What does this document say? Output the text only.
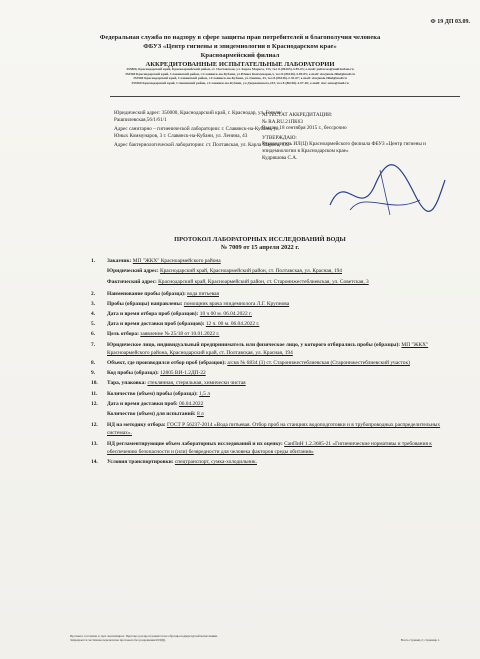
Ф 19 ДП 03.09.
Федеральная служба по надзору в сфере защиты прав потребителей и благополучия человека
ФБУЗ «Центр гигиены и эпидемиологии в Краснодарском крае»
Красноармейский филиал
АККРЕДИТОВАННЫЕ ИСПЫТАТЕЛЬНЫЕ ЛАБОРАТОРИИ
353800, Краснодарский край, Красноармейский район, ст. Полтавская, ул. Карла Маркса, 133, тел 8-(86165)-4-89-03; e-mail: poltavses@mail.kuban.ru
353560 Краснодарский край, Славянский район, г.Славянск-на-Кубани, ул.Юных Коммунаров,3, тел 8-(86146)-4-09-85; e-mail: slavjansk-filial@mail.ru
353560 Краснодарский край, Славянский район, г.Славянск-на-Кубани, ул.Ленина, 43, тел 8-(86146)-2-35-67; e-mail: slavjansk-filial@mail.ru
353560 Краснодарский край, Славянский район, г.Славянск-на-Кубани, ул.Дзержинского,243, тел 8-(86146)-4-07-46; e-mail: slav-smes@mail.ru

Юридический адрес: 350000, Краснодарский край, г. Краснодар, ул. Гоголя/Рашпилевская,56/1/61/1

Адрес санитарно – гигиенической лаборатории: г. Славянск-на-Кубани, ул. Юных Коммунаров, 3 г. Славянск-на-Кубани, ул. Ленина, 43

Адрес бактериологической лаборатории: ст. Полтавская, ул. Карла Маркса, 133

АТТЕСТАТ АККРЕДИТАЦИИ:

№ RA.RU.21ПК63

Выдан: 18 сентября 2015 г., бессрочно

УТВЕРЖДАЮ:

Руководитель ИЛ(Ц) Красноармейского филиала ФБУЗ «Центр гигиены и эпидемиологии в Краснодарском крае»

Кудряшова С.А.

ПРОТОКОЛ ЛАБОРАТОРНЫХ ИССЛЕДОВАНИЙ ВОДЫ
№ 7009 от 15 апреля 2022 г.
1. Заказчик: МП "ЖКХ" Красноармейского района
Юридический адрес: Краснодарский край, Красноармейский район, ст. Полтавская, ул. Красная, 194
Фактический адрес: Краснодарский край, Красноармейский район, ст. Староннжестеблиевская, ул. Советская, 3
2. Наименование пробы (образца): вода питьевая
3. Пробы (образцы) направлены: помощник врача эпидемиолога Л.Г. Крупнова
4. Дата и время отбора проб (образцов): 10 ч 00 м. 06.04.2022 г.
5. Дата и время доставки проб (образцов): 12 ч. 00 м. 06.04.2022 г.
6. Цель отбора: заявление № 25/18 от 10.01.2022 г.
7. Юридическое лицо, индивидуальный предприниматель или физическое лицо, у которого отбирались пробы (образцы): МП "ЖКХ" Красноармейского района, Краснодарский край, ст. Полтавская, ул. Красная, 194
8. Объект, где производился отбор проб (образцов): а/скв № 6834 (3) ст. Староннжестеблиевская (Староннжестеблиевский участок)
9. Код пробы (образца): 12805 ВИ-1.2ДП-22
10. Тара, упаковка: стеклянная, стерильная, химически чистая
11. Количество (объем) пробы (образца): 1,5 л
12. Дата и время доставки проб: 06.04.2022
Количество (объем) для испытаний: 8 л
12. НД на методику отбора: ГОСТ Р 56237-2014 «Вода питьевая. Отбор проб на станциях водоподготовки и в трубопроводных распределительных системах».
13. НД регламентирующие объем лабораторных исследований и их оценку: СанПиН 1.2.3685-21 «Гигиенические нормативы и требования к обеспечению безопасности и (или) безвредности для человека факторов среды обитания»
14. Условия транспортировки: спецтранспорт, сумка-холодильник.
Протокол составлен в трех экземплярах. Протокол распространяется на образцы подвергнутый испытаниям.
Запрещается частичная перепечатка протокола без разрешения ИЛ(Ц).	Всего страниц 2; страница 1.
